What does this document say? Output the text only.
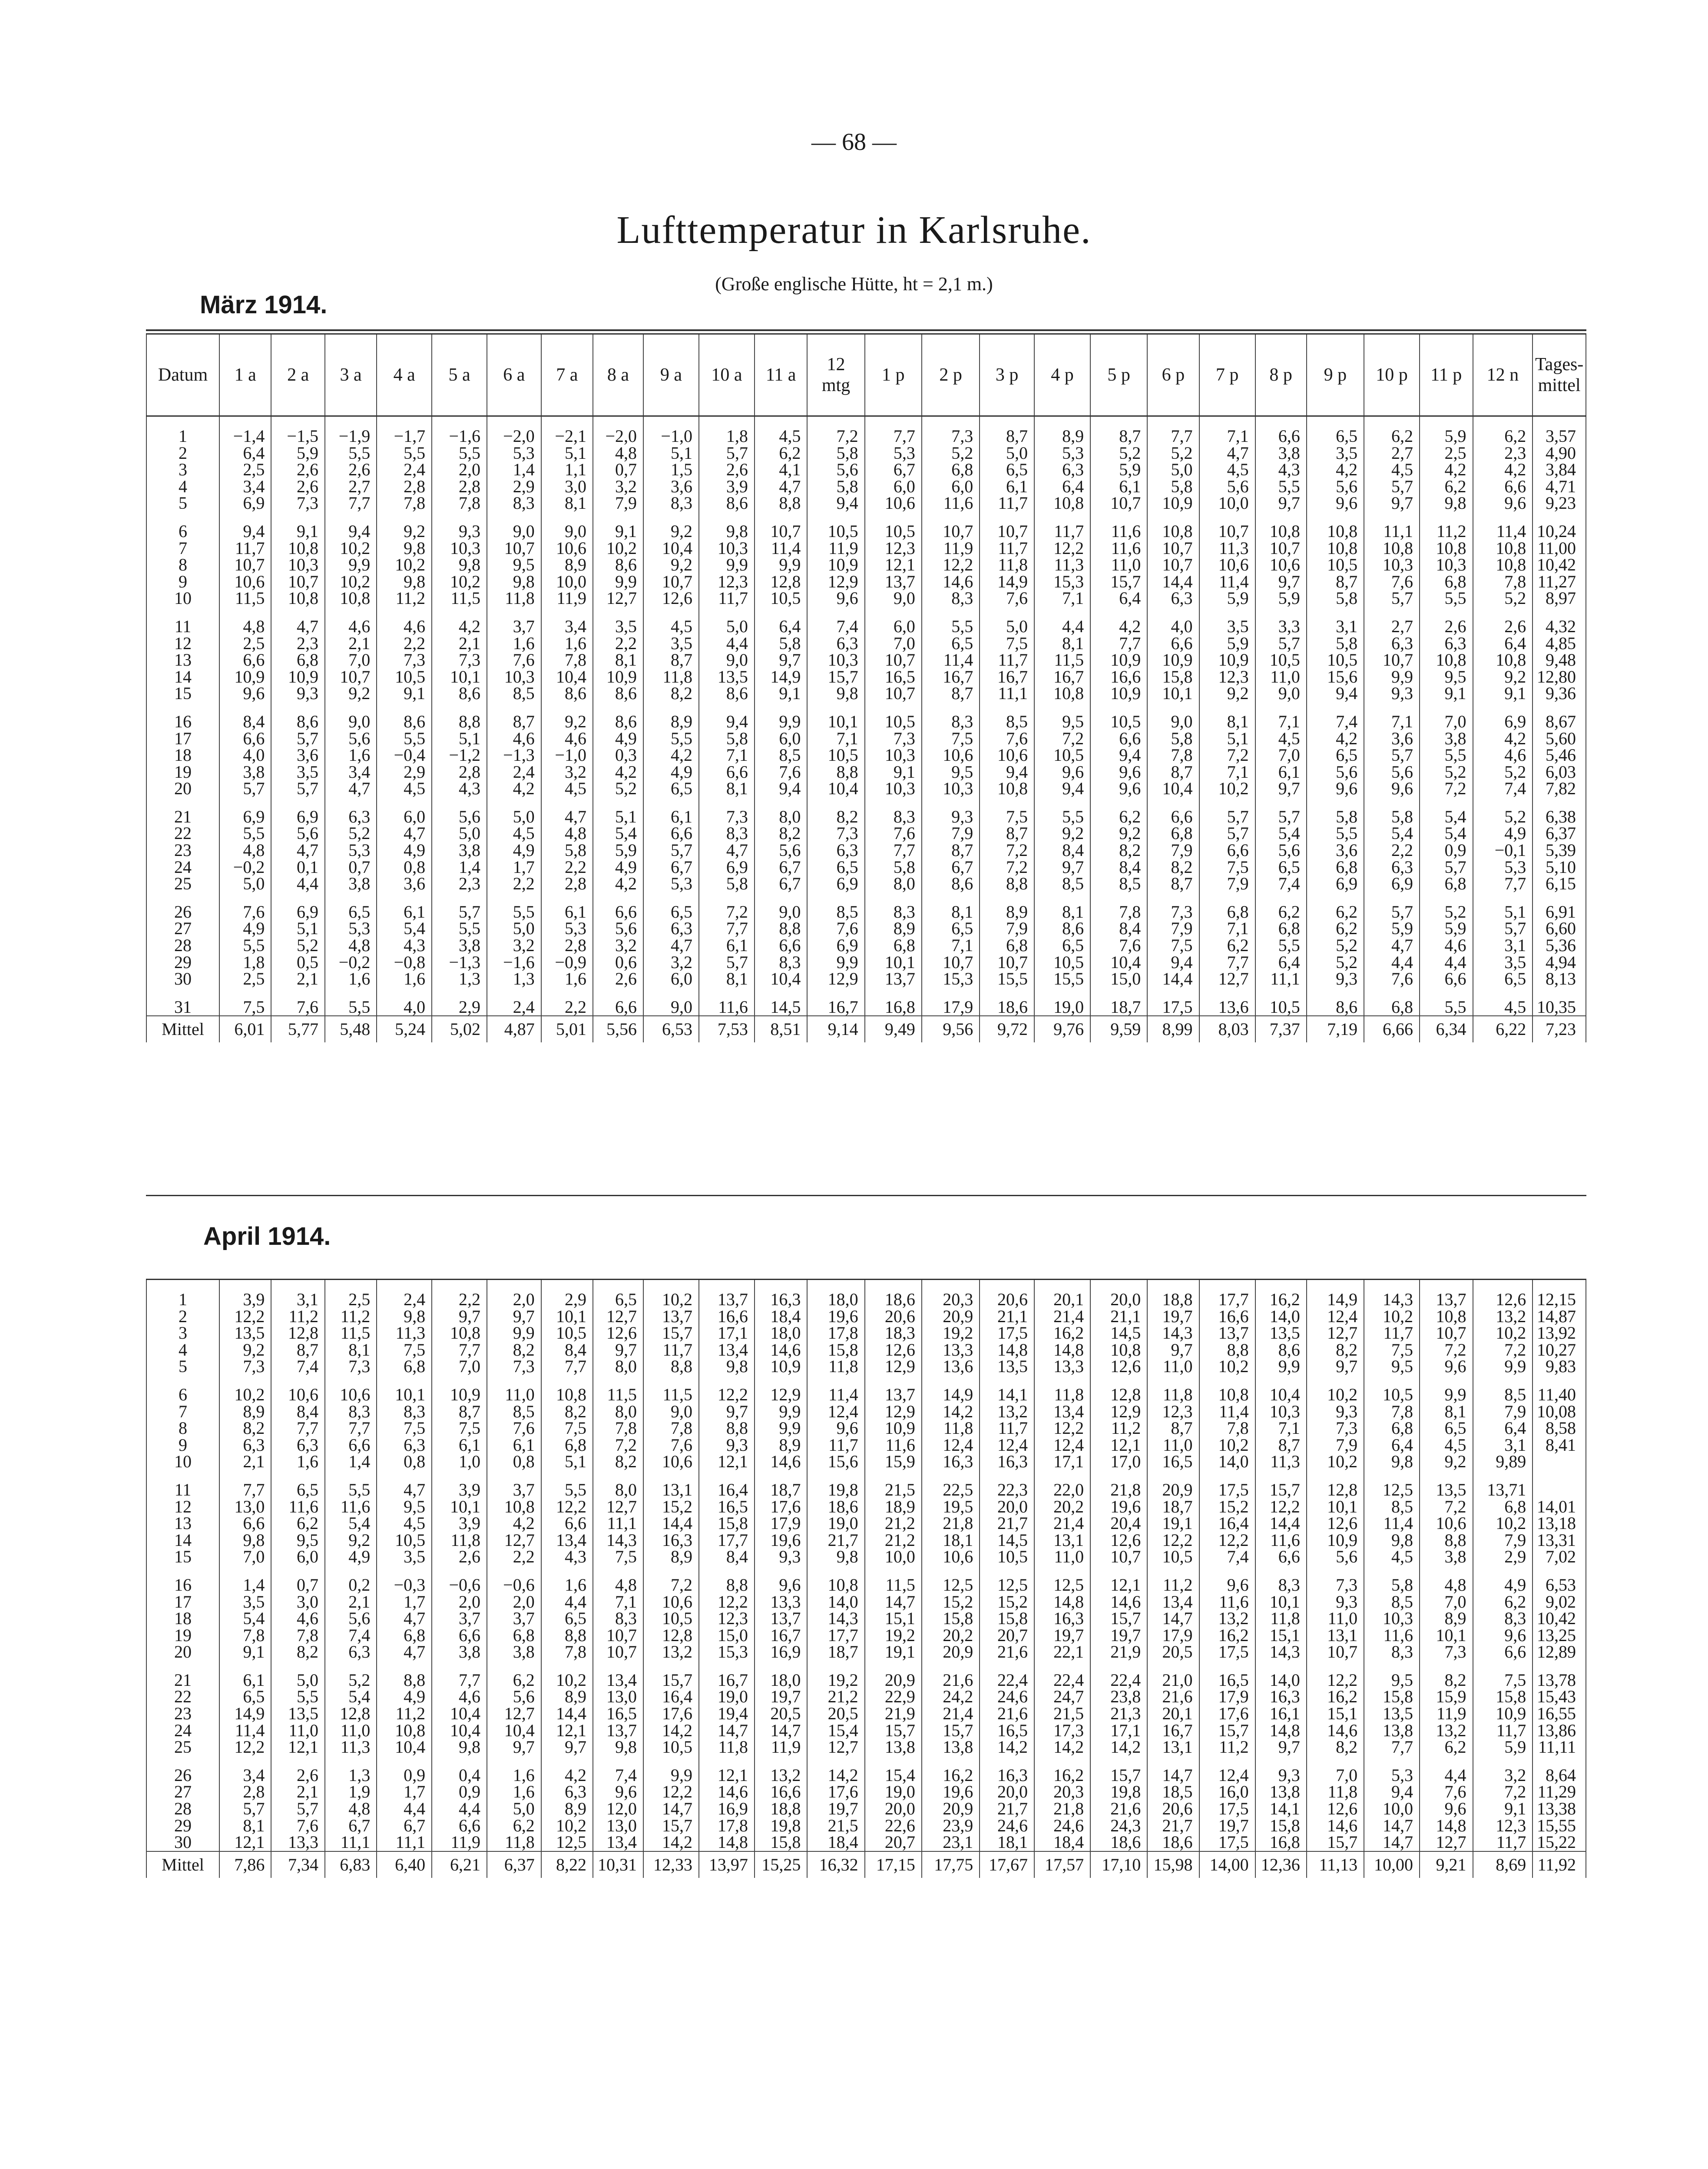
— 68 —
Lufttemperatur in Karlsruhe.
(Große englische Hütte, ht = 2,1 m.)
März 1914.
Datum	1 a	2 a	3 a	4 a	5 a	6 a	7 a	8 a	9 a	10 a	11 a	12
mtg	1 p	2 p	3 p	4 p	5 p	6 p	7 p	8 p	9 p	10 p	11 p	12 n	Tages-
mittel

1	−1,4	−1,5	−1,9	−1,7	−1,6	−2,0	−2,1	−2,0	−1,0	1,8	4,5	7,2	7,7	7,3	8,7	8,9	8,7	7,7	7,1	6,6	6,5	6,2	5,9	6,2	3,57
2	6,4	5,9	5,5	5,5	5,5	5,3	5,1	4,8	5,1	5,7	6,2	5,8	5,3	5,2	5,0	5,3	5,2	5,2	4,7	3,8	3,5	2,7	2,5	2,3	4,90
3	2,5	2,6	2,6	2,4	2,0	1,4	1,1	0,7	1,5	2,6	4,1	5,6	6,7	6,8	6,5	6,3	5,9	5,0	4,5	4,3	4,2	4,5	4,2	4,2	3,84
4	3,4	2,6	2,7	2,8	2,8	2,9	3,0	3,2	3,6	3,9	4,7	5,8	6,0	6,0	6,1	6,4	6,1	5,8	5,6	5,5	5,6	5,7	6,2	6,6	4,71
5	6,9	7,3	7,7	7,8	7,8	8,3	8,1	7,9	8,3	8,6	8,8	9,4	10,6	11,6	11,7	10,8	10,7	10,9	10,0	9,7	9,6	9,7	9,8	9,6	9,23

6	9,4	9,1	9,4	9,2	9,3	9,0	9,0	9,1	9,2	9,8	10,7	10,5	10,5	10,7	10,7	11,7	11,6	10,8	10,7	10,8	10,8	11,1	11,2	11,4	10,24
7	11,7	10,8	10,2	9,8	10,3	10,7	10,6	10,2	10,4	10,3	11,4	11,9	12,3	11,9	11,7	12,2	11,6	10,7	11,3	10,7	10,8	10,8	10,8	10,8	11,00
8	10,7	10,3	9,9	10,2	9,8	9,5	8,9	8,6	9,2	9,9	9,9	10,9	12,1	12,2	11,8	11,3	11,0	10,7	10,6	10,6	10,5	10,3	10,3	10,8	10,42
9	10,6	10,7	10,2	9,8	10,2	9,8	10,0	9,9	10,7	12,3	12,8	12,9	13,7	14,6	14,9	15,3	15,7	14,4	11,4	9,7	8,7	7,6	6,8	7,8	11,27
10	11,5	10,8	10,8	11,2	11,5	11,8	11,9	12,7	12,6	11,7	10,5	9,6	9,0	8,3	7,6	7,1	6,4	6,3	5,9	5,9	5,8	5,7	5,5	5,2	8,97

11	4,8	4,7	4,6	4,6	4,2	3,7	3,4	3,5	4,5	5,0	6,4	7,4	6,0	5,5	5,0	4,4	4,2	4,0	3,5	3,3	3,1	2,7	2,6	2,6	4,32
12	2,5	2,3	2,1	2,2	2,1	1,6	1,6	2,2	3,5	4,4	5,8	6,3	7,0	6,5	7,5	8,1	7,7	6,6	5,9	5,7	5,8	6,3	6,3	6,4	4,85
13	6,6	6,8	7,0	7,3	7,3	7,6	7,8	8,1	8,7	9,0	9,7	10,3	10,7	11,4	11,7	11,5	10,9	10,9	10,9	10,5	10,5	10,7	10,8	10,8	9,48
14	10,9	10,9	10,7	10,5	10,1	10,3	10,4	10,9	11,8	13,5	14,9	15,7	16,5	16,7	16,7	16,7	16,6	15,8	12,3	11,0	15,6	9,9	9,5	9,2	12,80
15	9,6	9,3	9,2	9,1	8,6	8,5	8,6	8,6	8,2	8,6	9,1	9,8	10,7	8,7	11,1	10,8	10,9	10,1	9,2	9,0	9,4	9,3	9,1	9,1	9,36

16	8,4	8,6	9,0	8,6	8,8	8,7	9,2	8,6	8,9	9,4	9,9	10,1	10,5	8,3	8,5	9,5	10,5	9,0	8,1	7,1	7,4	7,1	7,0	6,9	8,67
17	6,6	5,7	5,6	5,5	5,1	4,6	4,6	4,9	5,5	5,8	6,0	7,1	7,3	7,5	7,6	7,2	6,6	5,8	5,1	4,5	4,2	3,6	3,8	4,2	5,60
18	4,0	3,6	1,6	−0,4	−1,2	−1,3	−1,0	0,3	4,2	7,1	8,5	10,5	10,3	10,6	10,6	10,5	9,4	7,8	7,2	7,0	6,5	5,7	5,5	4,6	5,46
19	3,8	3,5	3,4	2,9	2,8	2,4	3,2	4,2	4,9	6,6	7,6	8,8	9,1	9,5	9,4	9,6	9,6	8,7	7,1	6,1	5,6	5,6	5,2	5,2	6,03
20	5,7	5,7	4,7	4,5	4,3	4,2	4,5	5,2	6,5	8,1	9,4	10,4	10,3	10,3	10,8	9,4	9,6	10,4	10,2	9,7	9,6	9,6	7,2	7,4	7,82

21	6,9	6,9	6,3	6,0	5,6	5,0	4,7	5,1	6,1	7,3	8,0	8,2	8,3	9,3	7,5	5,5	6,2	6,6	5,7	5,7	5,8	5,8	5,4	5,2	6,38
22	5,5	5,6	5,2	4,7	5,0	4,5	4,8	5,4	6,6	8,3	8,2	7,3	7,6	7,9	8,7	9,2	9,2	6,8	5,7	5,4	5,5	5,4	5,4	4,9	6,37
23	4,8	4,7	5,3	4,9	3,8	4,9	5,8	5,9	5,7	4,7	5,6	6,3	7,7	8,7	7,2	8,4	8,2	7,9	6,6	5,6	3,6	2,2	0,9	−0,1	5,39
24	−0,2	0,1	0,7	0,8	1,4	1,7	2,2	4,9	6,7	6,9	6,7	6,5	5,8	6,7	7,2	9,7	8,4	8,2	7,5	6,5	6,8	6,3	5,7	5,3	5,10
25	5,0	4,4	3,8	3,6	2,3	2,2	2,8	4,2	5,3	5,8	6,7	6,9	8,0	8,6	8,8	8,5	8,5	8,7	7,9	7,4	6,9	6,9	6,8	7,7	6,15

26	7,6	6,9	6,5	6,1	5,7	5,5	6,1	6,6	6,5	7,2	9,0	8,5	8,3	8,1	8,9	8,1	7,8	7,3	6,8	6,2	6,2	5,7	5,2	5,1	6,91
27	4,9	5,1	5,3	5,4	5,5	5,0	5,3	5,6	6,3	7,7	8,8	7,6	8,9	6,5	7,9	8,6	8,4	7,9	7,1	6,8	6,2	5,9	5,9	5,7	6,60
28	5,5	5,2	4,8	4,3	3,8	3,2	2,8	3,2	4,7	6,1	6,6	6,9	6,8	7,1	6,8	6,5	7,6	7,5	6,2	5,5	5,2	4,7	4,6	3,1	5,36
29	1,8	0,5	−0,2	−0,8	−1,3	−1,6	−0,9	0,6	3,2	5,7	8,3	9,9	10,1	10,7	10,7	10,5	10,4	9,4	7,7	6,4	5,2	4,4	4,4	3,5	4,94
30	2,5	2,1	1,6	1,6	1,3	1,3	1,6	2,6	6,0	8,1	10,4	12,9	13,7	15,3	15,5	15,5	15,0	14,4	12,7	11,1	9,3	7,6	6,6	6,5	8,13

31	7,5	7,6	5,5	4,0	2,9	2,4	2,2	6,6	9,0	11,6	14,5	16,7	16,8	17,9	18,6	19,0	18,7	17,5	13,6	10,5	8,6	6,8	5,5	4,5	10,35
Mittel	6,01	5,77	5,48	5,24	5,02	4,87	5,01	5,56	6,53	7,53	8,51	9,14	9,49	9,56	9,72	9,76	9,59	8,99	8,03	7,37	7,19	6,66	6,34	6,22	7,23
April 1914.

1	3,9	3,1	2,5	2,4	2,2	2,0	2,9	6,5	10,2	13,7	16,3	18,0	18,6	20,3	20,6	20,1	20,0	18,8	17,7	16,2	14,9	14,3	13,7	12,6	12,15
2	12,2	11,2	11,2	9,8	9,7	9,7	10,1	12,7	13,7	16,6	18,4	19,6	20,6	20,9	21,1	21,4	21,1	19,7	16,6	14,0	12,4	10,2	10,8	13,2	14,87
3	13,5	12,8	11,5	11,3	10,8	9,9	10,5	12,6	15,7	17,1	18,0	17,8	18,3	19,2	17,5	16,2	14,5	14,3	13,7	13,5	12,7	11,7	10,7	10,2	13,92
4	9,2	8,7	8,1	7,5	7,7	8,2	8,4	9,7	11,7	13,4	14,6	15,8	12,6	13,3	14,8	14,8	10,8	9,7	8,8	8,6	8,2	7,5	7,2	7,2	10,27
5	7,3	7,4	7,3	6,8	7,0	7,3	7,7	8,0	8,8	9,8	10,9	11,8	12,9	13,6	13,5	13,3	12,6	11,0	10,2	9,9	9,7	9,5	9,6	9,9	9,83

6	10,2	10,6	10,6	10,1	10,9	11,0	10,8	11,5	11,5	12,2	12,9	11,4	13,7	14,9	14,1	11,8	12,8	11,8	10,8	10,4	10,2	10,5	9,9	8,5	11,40
7	8,9	8,4	8,3	8,3	8,7	8,5	8,2	8,0	9,0	9,7	9,9	12,4	12,9	14,2	13,2	13,4	12,9	12,3	11,4	10,3	9,3	7,8	8,1	7,9	10,08
8	8,2	7,7	7,7	7,5	7,5	7,6	7,5	7,8	7,8	8,8	9,9	9,6	10,9	11,8	11,7	12,2	11,2	8,7	7,8	7,1	7,3	6,8	6,5	6,4	8,58
9	6,3	6,3	6,6	6,3	6,1	6,1	6,8	7,2	7,6	9,3	8,9	11,7	11,6	12,4	12,4	12,4	12,1	11,0	10,2	8,7	7,9	6,4	4,5	3,1	8,41
10	2,1	1,6	1,4	0,8	1,0	0,8	5,1	8,2	10,6	12,1	14,6	15,6	15,9	16,3	16,3	17,1	17,0	16,5	14,0	11,3	10,2	9,8	9,2	9,89	

11	7,7	6,5	5,5	4,7	3,9	3,7	5,5	8,0	13,1	16,4	18,7	19,8	21,5	22,5	22,3	22,0	21,8	20,9	17,5	15,7	12,8	12,5	13,5	13,71	
12	13,0	11,6	11,6	9,5	10,1	10,8	12,2	12,7	15,2	16,5	17,6	18,6	18,9	19,5	20,0	20,2	19,6	18,7	15,2	12,2	10,1	8,5	7,2	6,8	14,01
13	6,6	6,2	5,4	4,5	3,9	4,2	6,6	11,1	14,4	15,8	17,9	19,0	21,2	21,8	21,7	21,4	20,4	19,1	16,4	14,4	12,6	11,4	10,6	10,2	13,18
14	9,8	9,5	9,2	10,5	11,8	12,7	13,4	14,3	16,3	17,7	19,6	21,7	21,2	18,1	14,5	13,1	12,6	12,2	12,2	11,6	10,9	9,8	8,8	7,9	13,31
15	7,0	6,0	4,9	3,5	2,6	2,2	4,3	7,5	8,9	8,4	9,3	9,8	10,0	10,6	10,5	11,0	10,7	10,5	7,4	6,6	5,6	4,5	3,8	2,9	7,02

16	1,4	0,7	0,2	−0,3	−0,6	−0,6	1,6	4,8	7,2	8,8	9,6	10,8	11,5	12,5	12,5	12,5	12,1	11,2	9,6	8,3	7,3	5,8	4,8	4,9	6,53
17	3,5	3,0	2,1	1,7	2,0	2,0	4,4	7,1	10,6	12,2	13,3	14,0	14,7	15,2	15,2	14,8	14,6	13,4	11,6	10,1	9,3	8,5	7,0	6,2	9,02
18	5,4	4,6	5,6	4,7	3,7	3,7	6,5	8,3	10,5	12,3	13,7	14,3	15,1	15,8	15,8	16,3	15,7	14,7	13,2	11,8	11,0	10,3	8,9	8,3	10,42
19	7,8	7,8	7,4	6,8	6,6	6,8	8,8	10,7	12,8	15,0	16,7	17,7	19,2	20,2	20,7	19,7	19,7	17,9	16,2	15,1	13,1	11,6	10,1	9,6	13,25
20	9,1	8,2	6,3	4,7	3,8	3,8	7,8	10,7	13,2	15,3	16,9	18,7	19,1	20,9	21,6	22,1	21,9	20,5	17,5	14,3	10,7	8,3	7,3	6,6	12,89

21	6,1	5,0	5,2	8,8	7,7	6,2	10,2	13,4	15,7	16,7	18,0	19,2	20,9	21,6	22,4	22,4	22,4	21,0	16,5	14,0	12,2	9,5	8,2	7,5	13,78
22	6,5	5,5	5,4	4,9	4,6	5,6	8,9	13,0	16,4	19,0	19,7	21,2	22,9	24,2	24,6	24,7	23,8	21,6	17,9	16,3	16,2	15,8	15,9	15,8	15,43
23	14,9	13,5	12,8	11,2	10,4	12,7	14,4	16,5	17,6	19,4	20,5	20,5	21,9	21,4	21,6	21,5	21,3	20,1	17,6	16,1	15,1	13,5	11,9	10,9	16,55
24	11,4	11,0	11,0	10,8	10,4	10,4	12,1	13,7	14,2	14,7	14,7	15,4	15,7	15,7	16,5	17,3	17,1	16,7	15,7	14,8	14,6	13,8	13,2	11,7	13,86
25	12,2	12,1	11,3	10,4	9,8	9,7	9,7	9,8	10,5	11,8	11,9	12,7	13,8	13,8	14,2	14,2	14,2	13,1	11,2	9,7	8,2	7,7	6,2	5,9	11,11

26	3,4	2,6	1,3	0,9	0,4	1,6	4,2	7,4	9,9	12,1	13,2	14,2	15,4	16,2	16,3	16,2	15,7	14,7	12,4	9,3	7,0	5,3	4,4	3,2	8,64
27	2,8	2,1	1,9	1,7	0,9	1,6	6,3	9,6	12,2	14,6	16,6	17,6	19,0	19,6	20,0	20,3	19,8	18,5	16,0	13,8	11,8	9,4	7,6	7,2	11,29
28	5,7	5,7	4,8	4,4	4,4	5,0	8,9	12,0	14,7	16,9	18,8	19,7	20,0	20,9	21,7	21,8	21,6	20,6	17,5	14,1	12,6	10,0	9,6	9,1	13,38
29	8,1	7,6	6,7	6,7	6,6	6,2	10,2	13,0	15,7	17,8	19,8	21,5	22,6	23,9	24,6	24,6	24,3	21,7	19,7	15,8	14,6	14,7	14,8	12,3	15,55
30	12,1	13,3	11,1	11,1	11,9	11,8	12,5	13,4	14,2	14,8	15,8	18,4	20,7	23,1	18,1	18,4	18,6	18,6	17,5	16,8	15,7	14,7	12,7	11,7	15,22
Mittel	7,86	7,34	6,83	6,40	6,21	6,37	8,22	10,31	12,33	13,97	15,25	16,32	17,15	17,75	17,67	17,57	17,10	15,98	14,00	12,36	11,13	10,00	9,21	8,69	11,92
